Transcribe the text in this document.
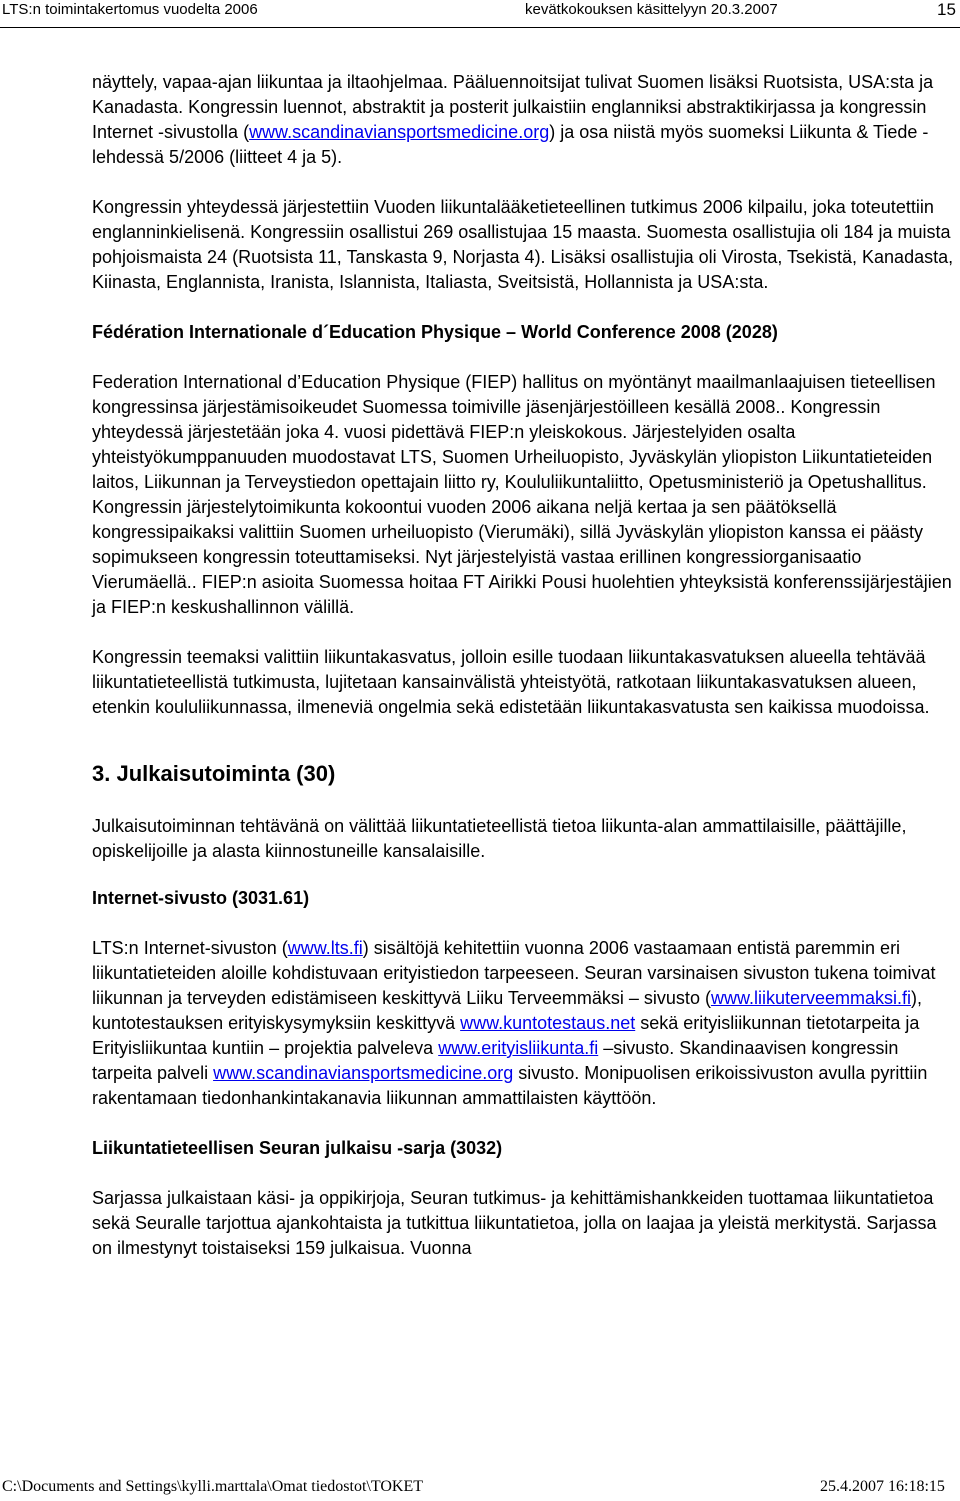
LTS:n toimintakertomus vuodelta 2006	kevätkokouksen käsittelyyn 20.3.2007	15

näyttely, vapaa-ajan liikuntaa ja iltaohjelmaa. Pääluennoitsijat tulivat Suomen lisäksi Ruotsista, USA:sta ja Kanadasta. Kongressin luennot, abstraktit ja posterit julkaistiin englanniksi abstraktikirjassa ja kongressin Internet -sivustolla (www.scandinaviansportsmedicine.org) ja osa niistä myös suomeksi Liikunta & Tiede -lehdessä 5/2006 (liitteet 4 ja 5).

Kongressin yhteydessä järjestettiin Vuoden liikuntalääketieteellinen tutkimus 2006 kilpailu, joka toteutettiin englanninkielisenä. Kongressiin osallistui 269 osallistujaa 15 maasta. Suomesta osallistujia oli 184 ja muista pohjoismaista 24 (Ruotsista 11, Tanskasta 9, Norjasta 4). Lisäksi osallistujia oli Virosta, Tsekistä, Kanadasta, Kiinasta, Englannista, Iranista, Islannista, Italiasta, Sveitsistä, Hollannista ja USA:sta.

Fédération Internationale d´Education Physique – World Conference 2008 (2028)

Federation International d’Education Physique (FIEP) hallitus on myöntänyt maailmanlaajuisen tieteellisen kongressinsa järjestämisoikeudet Suomessa toimiville jäsenjärjestöilleen kesällä 2008.. Kongressin yhteydessä järjestetään joka 4. vuosi pidettävä FIEP:n yleiskokous. Järjestelyiden osalta yhteistyökumppanuuden muodostavat LTS, Suomen Urheiluopisto, Jyväskylän yliopiston Liikuntatieteiden laitos, Liikunnan ja Terveystiedon opettajain liitto ry, Koululiikuntaliitto, Opetusministeriö ja Opetushallitus. Kongressin järjestelytoimikunta kokoontui vuoden 2006 aikana neljä kertaa ja sen päätöksellä kongressipaikaksi valittiin Suomen urheiluopisto (Vierumäki), sillä Jyväskylän yliopiston kanssa ei päästy sopimukseen kongressin toteuttamiseksi. Nyt järjestelyistä vastaa erillinen kongressiorganisaatio Vierumäellä.. FIEP:n asioita Suomessa hoitaa FT Airikki Pousi huolehtien yhteyksistä konferenssijärjestäjien ja FIEP:n keskushallinnon välillä.

Kongressin teemaksi valittiin liikuntakasvatus, jolloin esille tuodaan liikuntakasvatuksen alueella tehtävää liikuntatieteellistä tutkimusta, lujitetaan kansainvälistä yhteistyötä, ratkotaan liikuntakasvatuksen alueen, etenkin koululiikunnassa, ilmeneviä ongelmia sekä edistetään liikuntakasvatusta sen kaikissa muodoissa.

3. Julkaisutoiminta (30)

Julkaisutoiminnan tehtävänä on välittää liikuntatieteellistä tietoa liikunta-alan ammattilaisille, päättäjille, opiskelijoille ja alasta kiinnostuneille kansalaisille.

Internet-sivusto (3031.61)

LTS:n Internet-sivuston (www.lts.fi) sisältöjä kehitettiin vuonna 2006 vastaamaan entistä paremmin eri liikuntatieteiden aloille kohdistuvaan erityistiedon tarpeeseen. Seuran varsinaisen sivuston tukena toimivat liikunnan ja terveyden edistämiseen keskittyvä Liiku Terveemmäksi – sivusto (www.liikuterveemmaksi.fi), kuntotestauksen erityiskysymyksiin keskittyvä www.kuntotestaus.net sekä erityisliikunnan tietotarpeita ja Erityisliikuntaa kuntiin – projektia palveleva www.erityisliikunta.fi –sivusto. Skandinaavisen kongressin tarpeita palveli www.scandinaviansportsmedicine.org sivusto. Monipuolisen erikoissivuston avulla pyrittiin rakentamaan tiedonhankintakanavia liikunnan ammattilaisten käyttöön.

Liikuntatieteellisen Seuran julkaisu -sarja (3032)

Sarjassa julkaistaan käsi- ja oppikirjoja, Seuran tutkimus- ja kehittämishankkeiden tuottamaa liikuntatietoa sekä Seuralle tarjottua ajankohtaista ja tutkittua liikuntatietoa, jolla on laajaa ja yleistä merkitystä. Sarjassa on ilmestynyt toistaiseksi 159 julkaisua. Vuonna

C:\Documents and Settings\kylli.marttala\Omat tiedostot\TOKET	25.4.2007 16:18:15
